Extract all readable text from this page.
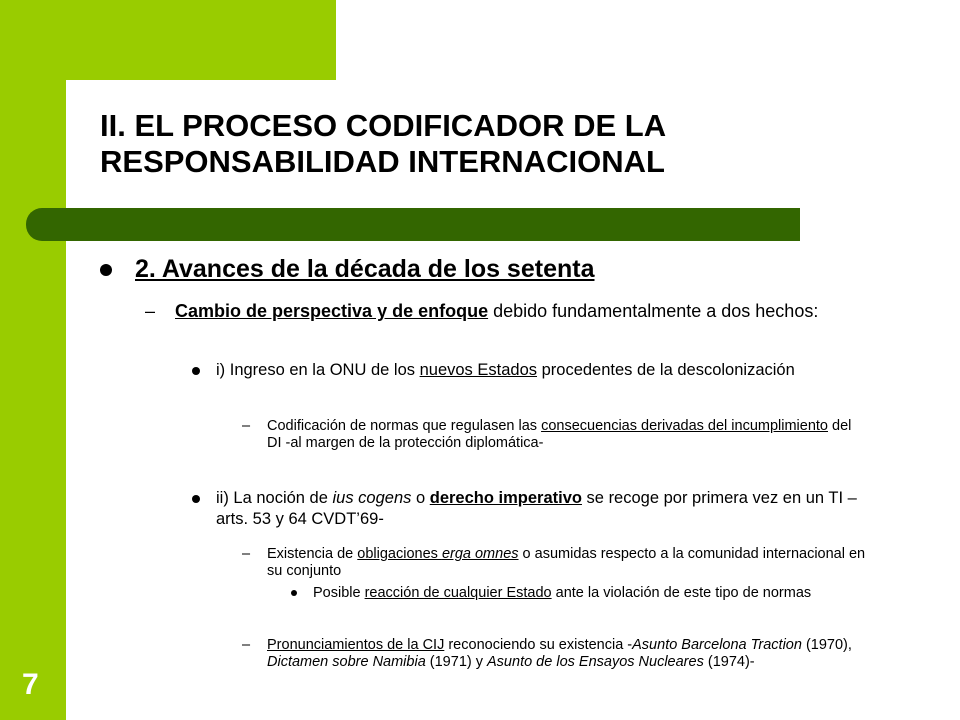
II. EL PROCESO CODIFICADOR DE LA RESPONSABILIDAD INTERNACIONAL
7
2. Avances de la década de los setenta
– Cambio de perspectiva y de enfoque debido fundamentalmente a dos hechos:
i) Ingreso en la ONU de los nuevos Estados procedentes de la descolonización
– Codificación de normas que regulasen las consecuencias derivadas del incumplimiento del DI -al margen de la protección diplomática-
ii) La noción de ius cogens o derecho imperativo se recoge por primera vez en un TI – arts. 53 y 64 CVDT’69-
– Existencia de obligaciones erga omnes o asumidas respecto a la comunidad internacional en su conjunto
Posible reacción de cualquier Estado ante la violación de este tipo de normas
– Pronunciamientos de la CIJ reconociendo su existencia -Asunto Barcelona Traction (1970), Dictamen sobre Namibia (1971) y Asunto de los Ensayos Nucleares (1974)-
